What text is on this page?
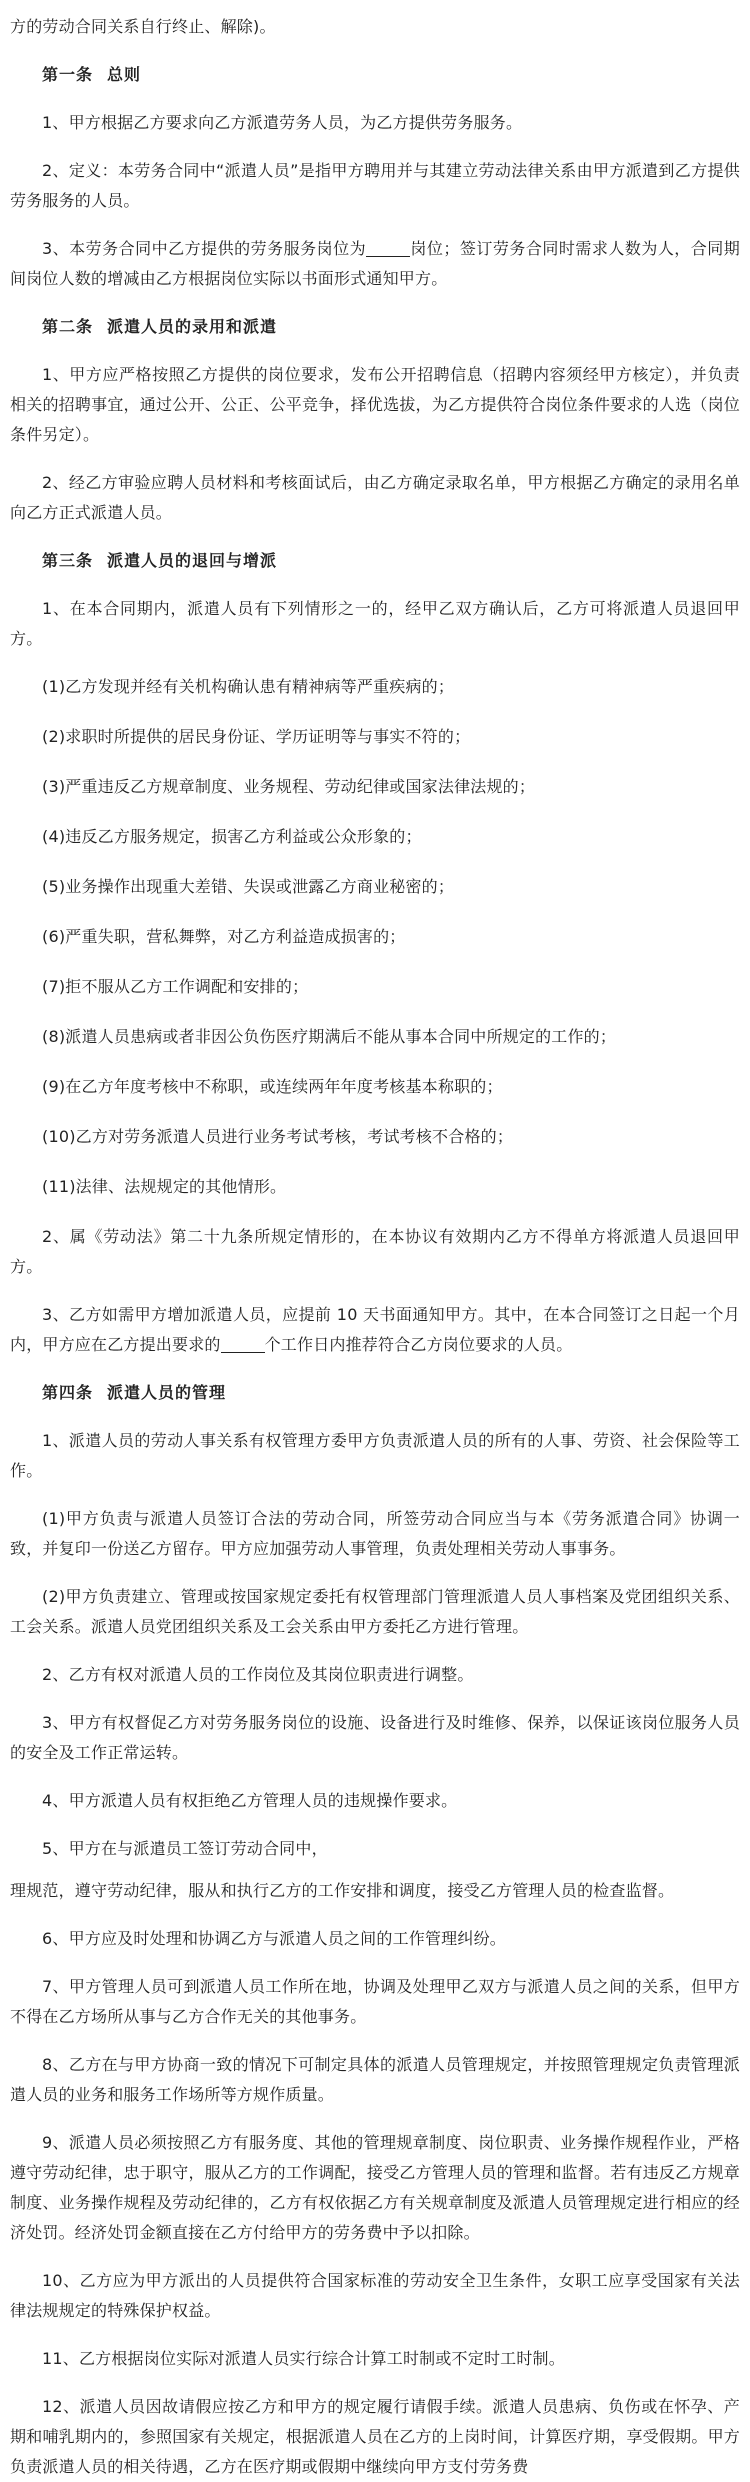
方的劳动合同关系自行终止、解除)。

第一条 总则

1、甲方根据乙方要求向乙方派遣劳务人员，为乙方提供劳务服务。

2、定义：本劳务合同中“派遣人员”是指甲方聘用并与其建立劳动法律关系由甲方派遣到乙方提供劳务服务的人员。

3、本劳务合同中乙方提供的劳务服务岗位为	岗位；签订劳务合同时需求人数为人，合同期间岗位人数的增减由乙方根据岗位实际以书面形式通知甲方。

第二条 派遣人员的录用和派遣

1、甲方应严格按照乙方提供的岗位要求，发布公开招聘信息（招聘内容须经甲方核定），并负责相关的招聘事宜，通过公开、公正、公平竞争，择优选拔，为乙方提供符合岗位条件要求的人选（岗位条件另定）。

2、经乙方审验应聘人员材料和考核面试后，由乙方确定录取名单，甲方根据乙方确定的录用名单向乙方正式派遣人员。

第三条 派遣人员的退回与增派

1、在本合同期内，派遣人员有下列情形之一的，经甲乙双方确认后，乙方可将派遣人员退回甲方。

(1)乙方发现并经有关机构确认患有精神病等严重疾病的；

(2)求职时所提供的居民身份证、学历证明等与事实不符的；

(3)严重违反乙方规章制度、业务规程、劳动纪律或国家法律法规的；

(4)违反乙方服务规定，损害乙方利益或公众形象的；

(5)业务操作出现重大差错、失误或泄露乙方商业秘密的；

(6)严重失职，营私舞弊，对乙方利益造成损害的；

(7)拒不服从乙方工作调配和安排的；

(8)派遣人员患病或者非因公负伤医疗期满后不能从事本合同中所规定的工作的；

(9)在乙方年度考核中不称职，或连续两年年度考核基本称职的；

(10)乙方对劳务派遣人员进行业务考试考核，考试考核不合格的；

(11)法律、法规规定的其他情形。

2、属《劳动法》第二十九条所规定情形的，在本协议有效期内乙方不得单方将派遣人员退回甲方。

3、乙方如需甲方增加派遣人员，应提前 10 天书面通知甲方。其中，在本合同签订之日起一个月内，甲方应在乙方提出要求的	个工作日内推荐符合乙方岗位要求的人员。

第四条 派遣人员的管理

1、派遣人员的劳动人事关系有权管理方委甲方负责派遣人员的所有的人事、劳资、社会保险等工作。

(1)甲方负责与派遣人员签订合法的劳动合同，所签劳动合同应当与本《劳务派遣合同》协调一致，并复印一份送乙方留存。甲方应加强劳动人事管理，负责处理相关劳动人事事务。

(2)甲方负责建立、管理或按国家规定委托有权管理部门管理派遣人员人事档案及党团组织关系、工会关系。派遣人员党团组织关系及工会关系由甲方委托乙方进行管理。

2、乙方有权对派遣人员的工作岗位及其岗位职责进行调整。

3、甲方有权督促乙方对劳务服务岗位的设施、设备进行及时维修、保养，以保证该岗位服务人员的安全及工作正常运转。

4、甲方派遣人员有权拒绝乙方管理人员的违规操作要求。

5、甲方在与派遣员工签订劳动合同中，

理规范，遵守劳动纪律，服从和执行乙方的工作安排和调度，接受乙方管理人员的检查监督。

6、甲方应及时处理和协调乙方与派遣人员之间的工作管理纠纷。

7、甲方管理人员可到派遣人员工作所在地，协调及处理甲乙双方与派遣人员之间的关系，但甲方不得在乙方场所从事与乙方合作无关的其他事务。

8、乙方在与甲方协商一致的情况下可制定具体的派遣人员管理规定，并按照管理规定负责管理派遣人员的业务和服务工作场所等方规作质量。

9、派遣人员必须按照乙方有服务度、其他的管理规章制度、岗位职责、业务操作规程作业，严格遵守劳动纪律，忠于职守，服从乙方的工作调配，接受乙方管理人员的管理和监督。若有违反乙方规章制度、业务操作规程及劳动纪律的，乙方有权依据乙方有关规章制度及派遣人员管理规定进行相应的经济处罚。经济处罚金额直接在乙方付给甲方的劳务费中予以扣除。

10、乙方应为甲方派出的人员提供符合国家标准的劳动安全卫生条件，女职工应享受国家有关法律法规规定的特殊保护权益。

11、乙方根据岗位实际对派遣人员实行综合计算工时制或不定时工时制。

12、派遣人员因故请假应按乙方和甲方的规定履行请假手续。派遣人员患病、负伤或在怀孕、产期和哺乳期内的，参照国家有关规定，根据派遣人员在乙方的上岗时间，计算医疗期，享受假期。甲方负责派遣人员的相关待遇，乙方在医疗期或假期中继续向甲方支付劳务费
